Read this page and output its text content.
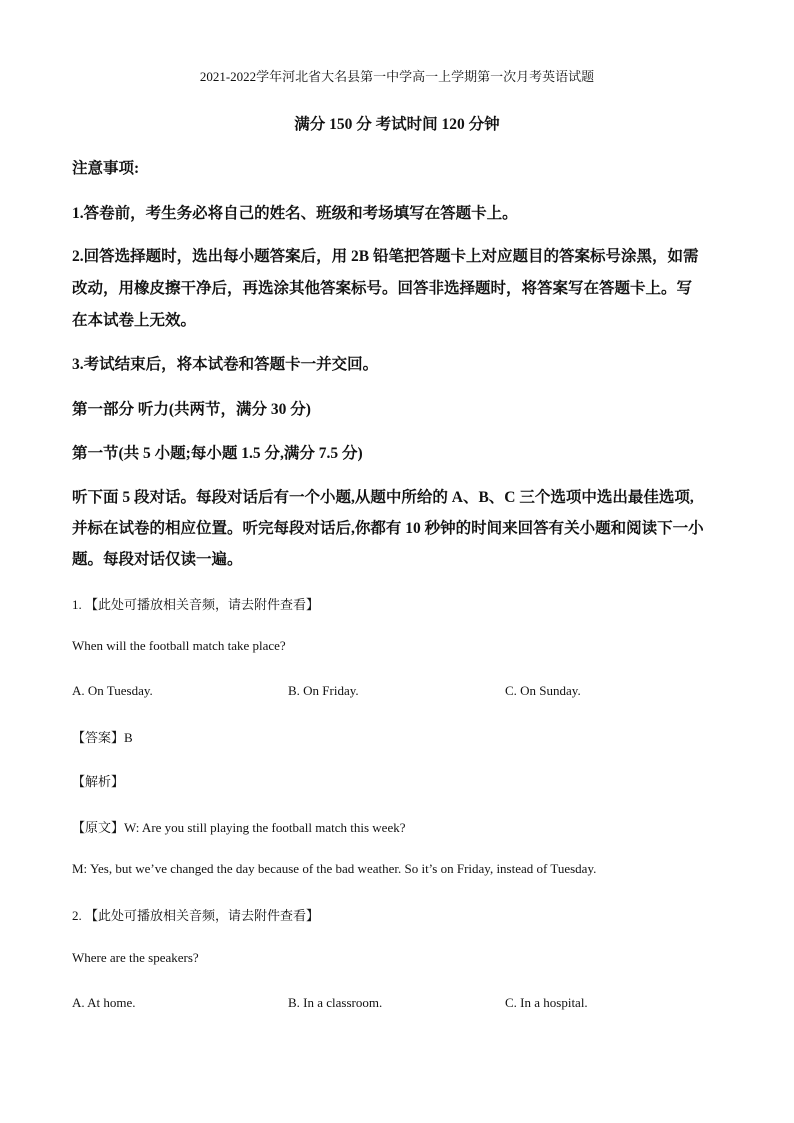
2021-2022学年河北省大名县第一中学高一上学期第一次月考英语试题
满分 150 分 考试时间 120 分钟
注意事项:
1.答卷前，考生务必将自己的姓名、班级和考场填写在答题卡上。
2.回答选择题时，选出每小题答案后，用 2B 铅笔把答题卡上对应题目的答案标号涂黑，如需
改动，用橡皮擦干净后，再选涂其他答案标号。回答非选择题时，将答案写在答题卡上。写
在本试卷上无效。
3.考试结束后，将本试卷和答题卡一并交回。
第一部分 听力(共两节，满分 30 分)
第一节(共 5 小题;每小题 1.5 分,满分 7.5 分)
听下面 5 段对话。每段对话后有一个小题,从题中所给的 A、B、C 三个选项中选出最佳选项,
并标在试卷的相应位置。听完每段对话后,你都有 10 秒钟的时间来回答有关小题和阅读下一小
题。每段对话仅读一遍。
1. 【此处可播放相关音频，请去附件查看】
When will the football match take place?
A. On Tuesday.	B. On Friday.	C. On Sunday.
【答案】B
【解析】
【原文】W: Are you still playing the football match this week?
M: Yes, but we’ve changed the day because of the bad weather. So it’s on Friday, instead of Tuesday.
2. 【此处可播放相关音频，请去附件查看】
Where are the speakers?
A. At home.	B. In a classroom.	C. In a hospital.
